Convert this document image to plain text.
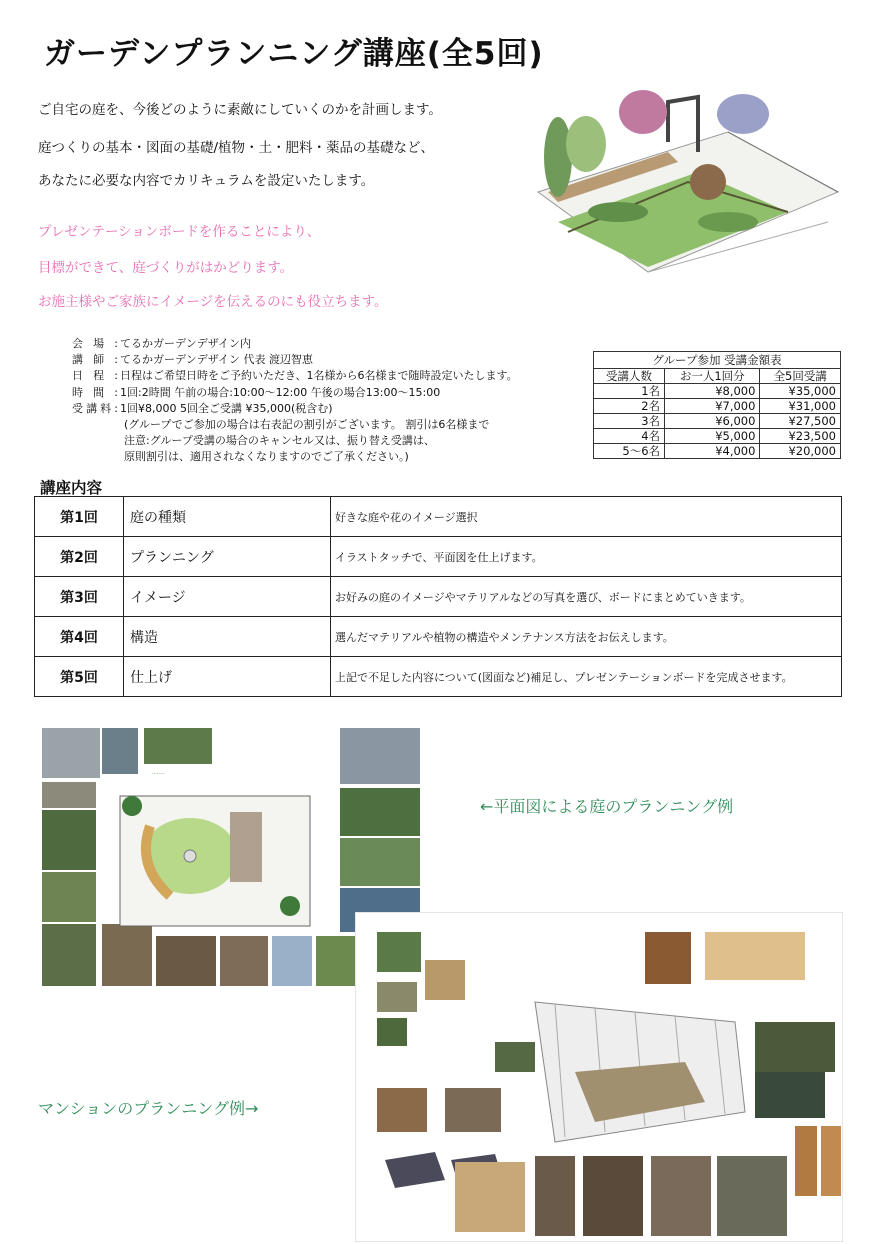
ガーデンプランニング講座(全5回)
ご自宅の庭を、今後どのように素敵にしていくのかを計画します。
庭つくりの基本・図面の基礎/植物・土・肥料・薬品の基礎など、
あなたに必要な内容でカリキュラムを設定いたします。
プレゼンテーションボードを作ることにより、
目標ができて、庭づくりがはかどります。
お施主様やご家族にイメージを伝えるのにも役立ちます。
会場: てるかガーデンデザイン内
講師: てるかガーデンデザイン 代表 渡辺智恵
日程: 日程はご希望日時をご予約いただき、1名様から6名様まで随時設定いたします。
時間: 1回:2時間 午前の場合:10:00〜12:00 午後の場合13:00〜15:00
受講料: 1回¥8,000 5回全ご受講 ¥35,000(税含む)
(グループでご参加の場合は右表記の割引がございます。 割引は6名様まで
注意:グループ受講の場合のキャンセル又は、振り替え受講は、
原則割引は、適用されなくなりますのでご了承ください。)
グループ参加 受講金額表		
受講人数	お一人1回分	全5回受講
1名	¥8,000	¥35,000
2名	¥7,000	¥31,000
3名	¥6,000	¥27,500
4名	¥5,000	¥23,500
5〜6名	¥4,000	¥20,000
講座内容
第1回	庭の種類	好きな庭や花のイメージ選択
第2回	プランニング	イラストタッチで、平面図を仕上げます。
第3回	イメージ	お好みの庭のイメージやマテリアルなどの写真を選び、ボードにまとめていきます。
第4回	構造	選んだマテリアルや植物の構造やメンテナンス方法をお伝えします。
第5回	仕上げ	上記で不足した内容について(図面など)補足し、プレゼンテーションボードを完成させます。
........
←平面図による庭のプランニング例
マンションのプランニング例→
